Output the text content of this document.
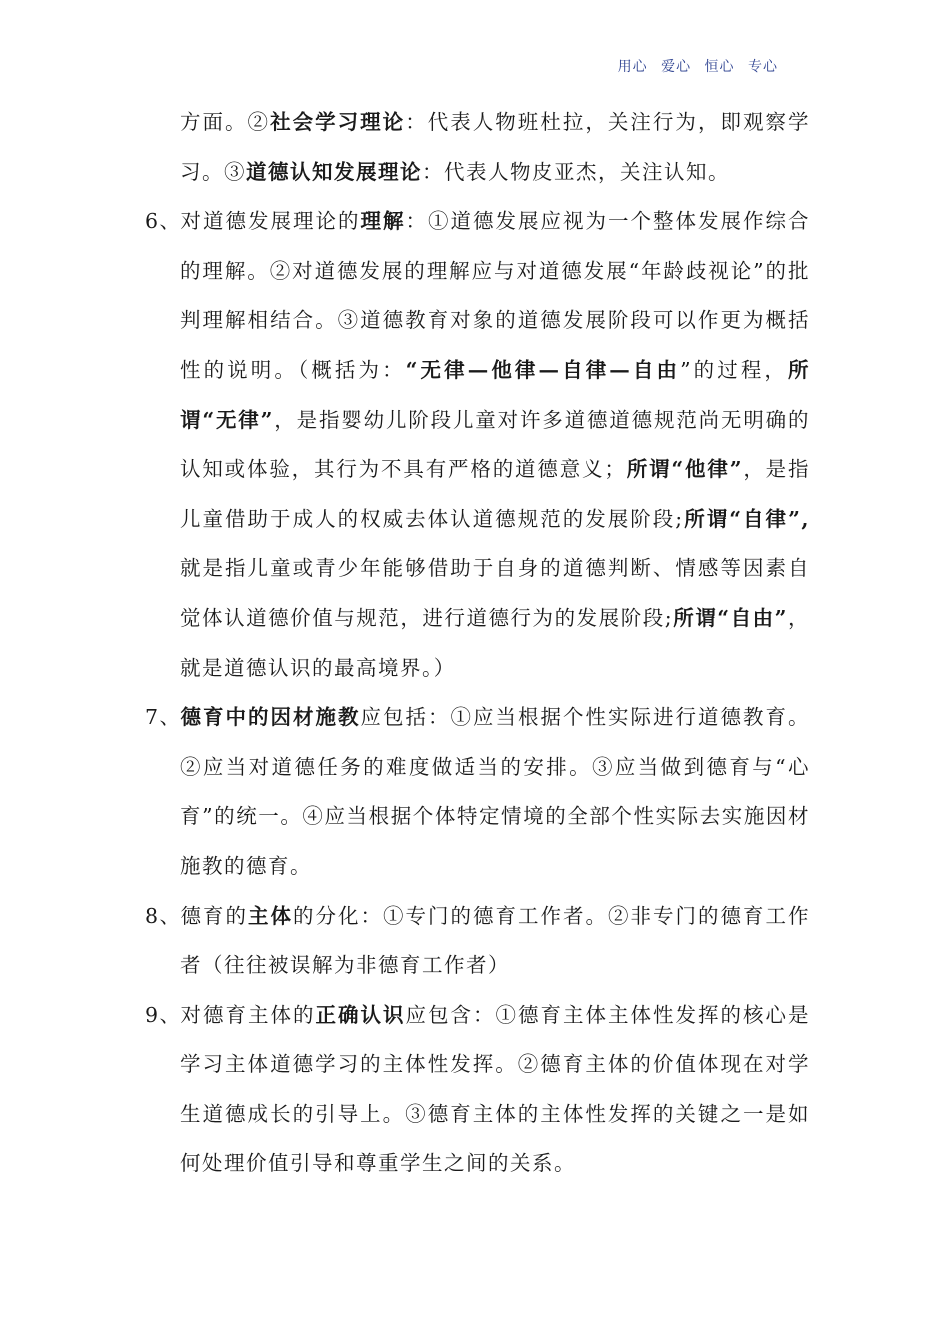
用心 爱心 恒心 专心

方面。②社会学习理论：代表人物班杜拉，关注行为，即观察学习。③道德认知发展理论：代表人物皮亚杰，关注认知。

6、对道德发展理论的理解：①道德发展应视为一个整体发展作综合的理解。②对道德发展的理解应与对道德发展“年龄歧视论”的批判理解相结合。③道德教育对象的道德发展阶段可以作更为概括性的说明。（概括为：“无律—他律—自律—自由”的过程，所谓“无律”，是指婴幼儿阶段儿童对许多道德道德规范尚无明确的认知或体验，其行为不具有严格的道德意义；所谓“他律”，是指儿童借助于成人的权威去体认道德规范的发展阶段;所谓“自律”,就是指儿童或青少年能够借助于自身的道德判断、情感等因素自觉体认道德价值与规范，进行道德行为的发展阶段;所谓“自由”，就是道德认识的最高境界。）

7、德育中的因材施教应包括：①应当根据个性实际进行道德教育。②应当对道德任务的难度做适当的安排。③应当做到德育与“心育”的统一。④应当根据个体特定情境的全部个性实际去实施因材施教的德育。

8、德育的主体的分化：①专门的德育工作者。②非专门的德育工作者（往往被误解为非德育工作者）

9、对德育主体的正确认识应包含：①德育主体主体性发挥的核心是学习主体道德学习的主体性发挥。②德育主体的价值体现在对学生道德成长的引导上。③德育主体的主体性发挥的关键之一是如何处理价值引导和尊重学生之间的关系。
